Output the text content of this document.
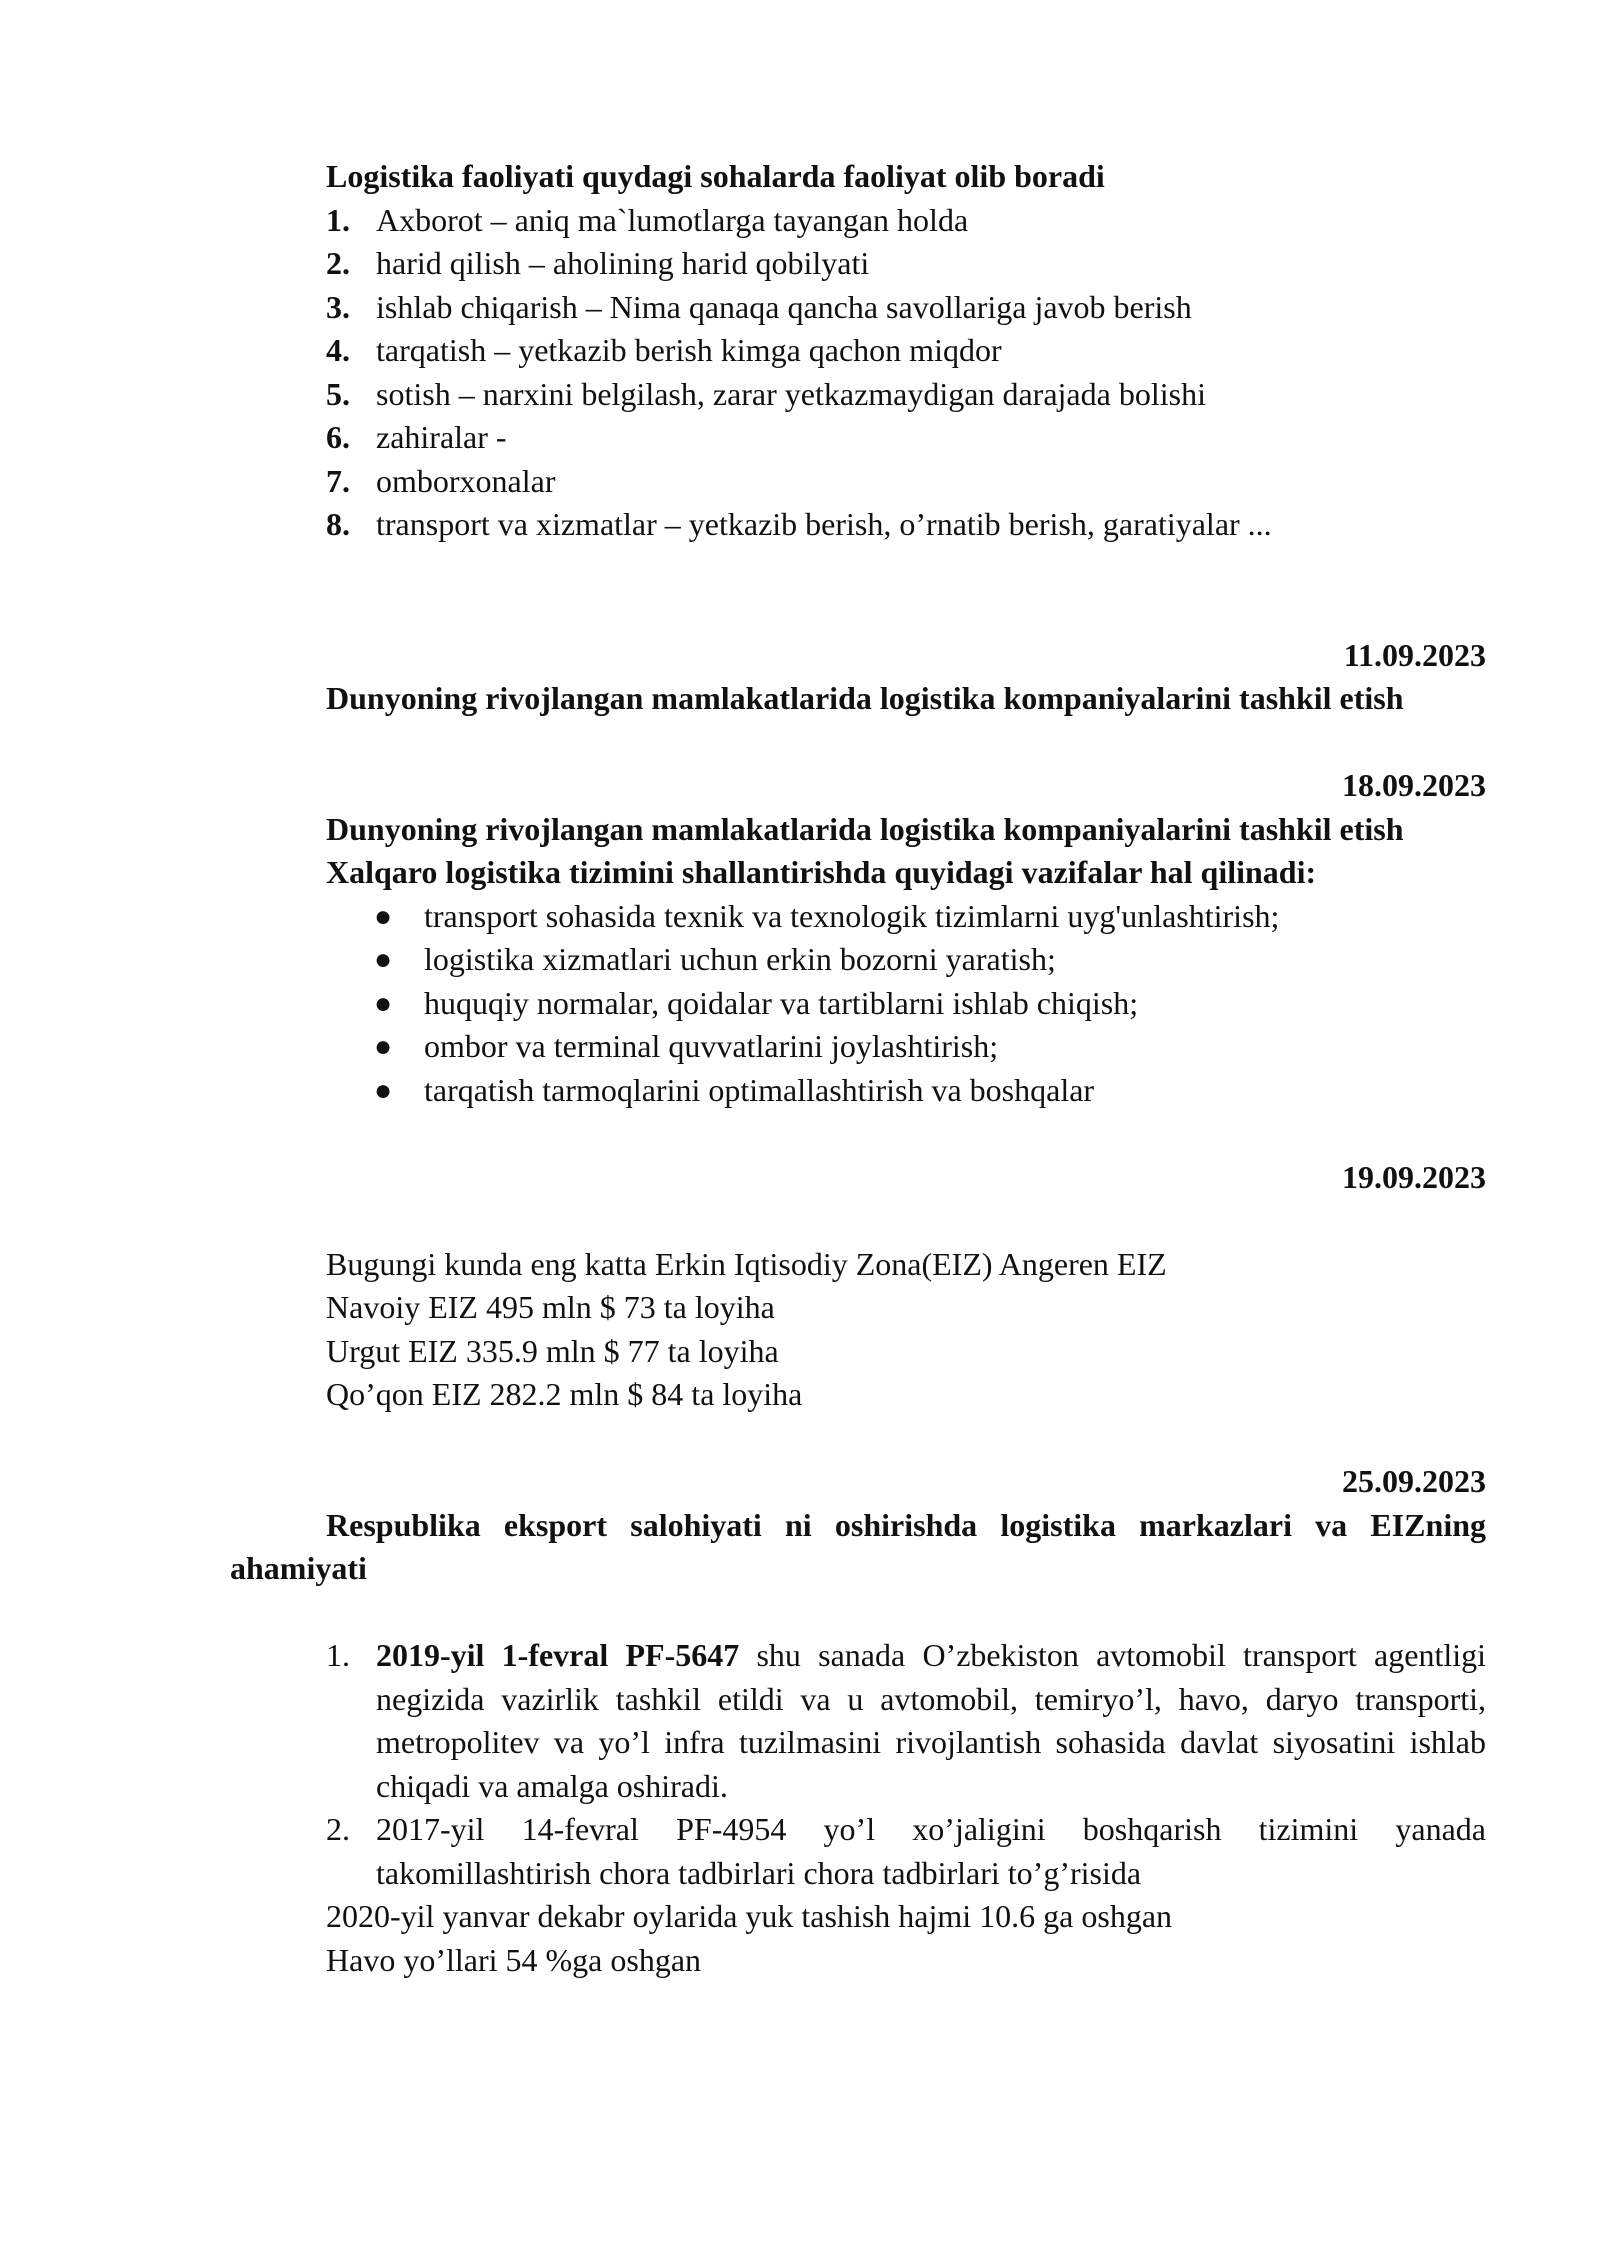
Logistika faoliyati quydagi sohalarda faoliyat olib boradi
1. Axborot – aniq ma`lumotlarga tayangan holda
2. harid qilish – aholining harid qobilyati
3. ishlab chiqarish – Nima qanaqa qancha savollariga javob berish
4. tarqatish – yetkazib berish kimga qachon miqdor
5. sotish – narxini belgilash, zarar yetkazmaydigan darajada bolishi
6. zahiralar -
7. omborxonalar
8. transport va xizmatlar – yetkazib berish, o’rnatib berish, garatiyalar ...
11.09.2023
Dunyoning rivojlangan mamlakatlarida logistika kompaniyalarini tashkil etish
18.09.2023
Dunyoning rivojlangan mamlakatlarida logistika kompaniyalarini tashkil etish
Xalqaro logistika tizimini shallantirishda quyidagi vazifalar hal qilinadi:
● transport sohasida texnik va texnologik tizimlarni uyg'unlashtirish;
● logistika xizmatlari uchun erkin bozorni yaratish;
● huquqiy normalar, qoidalar va tartiblarni ishlab chiqish;
● ombor va terminal quvvatlarini joylashtirish;
● tarqatish tarmoqlarini optimallashtirish va boshqalar
19.09.2023
Bugungi kunda eng katta Erkin Iqtisodiy Zona(EIZ) Angeren EIZ
Navoiy EIZ 495 mln $ 73 ta loyiha
Urgut EIZ 335.9 mln $ 77 ta loyiha
Qo’qon EIZ 282.2 mln $ 84 ta loyiha
25.09.2023
Respublika eksport salohiyati ni oshirishda logistika markazlari va EIZning ahamiyati
1. 2019-yil 1-fevral PF-5647 shu sanada O’zbekiston avtomobil transport agentligi negizida vazirlik tashkil etildi va u avtomobil, temiryo’l, havo, daryo transporti, metropolitev va yo’l infra tuzilmasini rivojlantish sohasida davlat siyosatini ishlab chiqadi va amalga oshiradi.
2. 2017-yil 14-fevral PF-4954 yo’l xo’jaligini boshqarish tizimini yanada takomillashtirish chora tadbirlari chora tadbirlari to’g’risida
2020-yil yanvar dekabr oylarida yuk tashish hajmi 10.6 ga oshgan
Havo yo’llari 54 %ga oshgan
